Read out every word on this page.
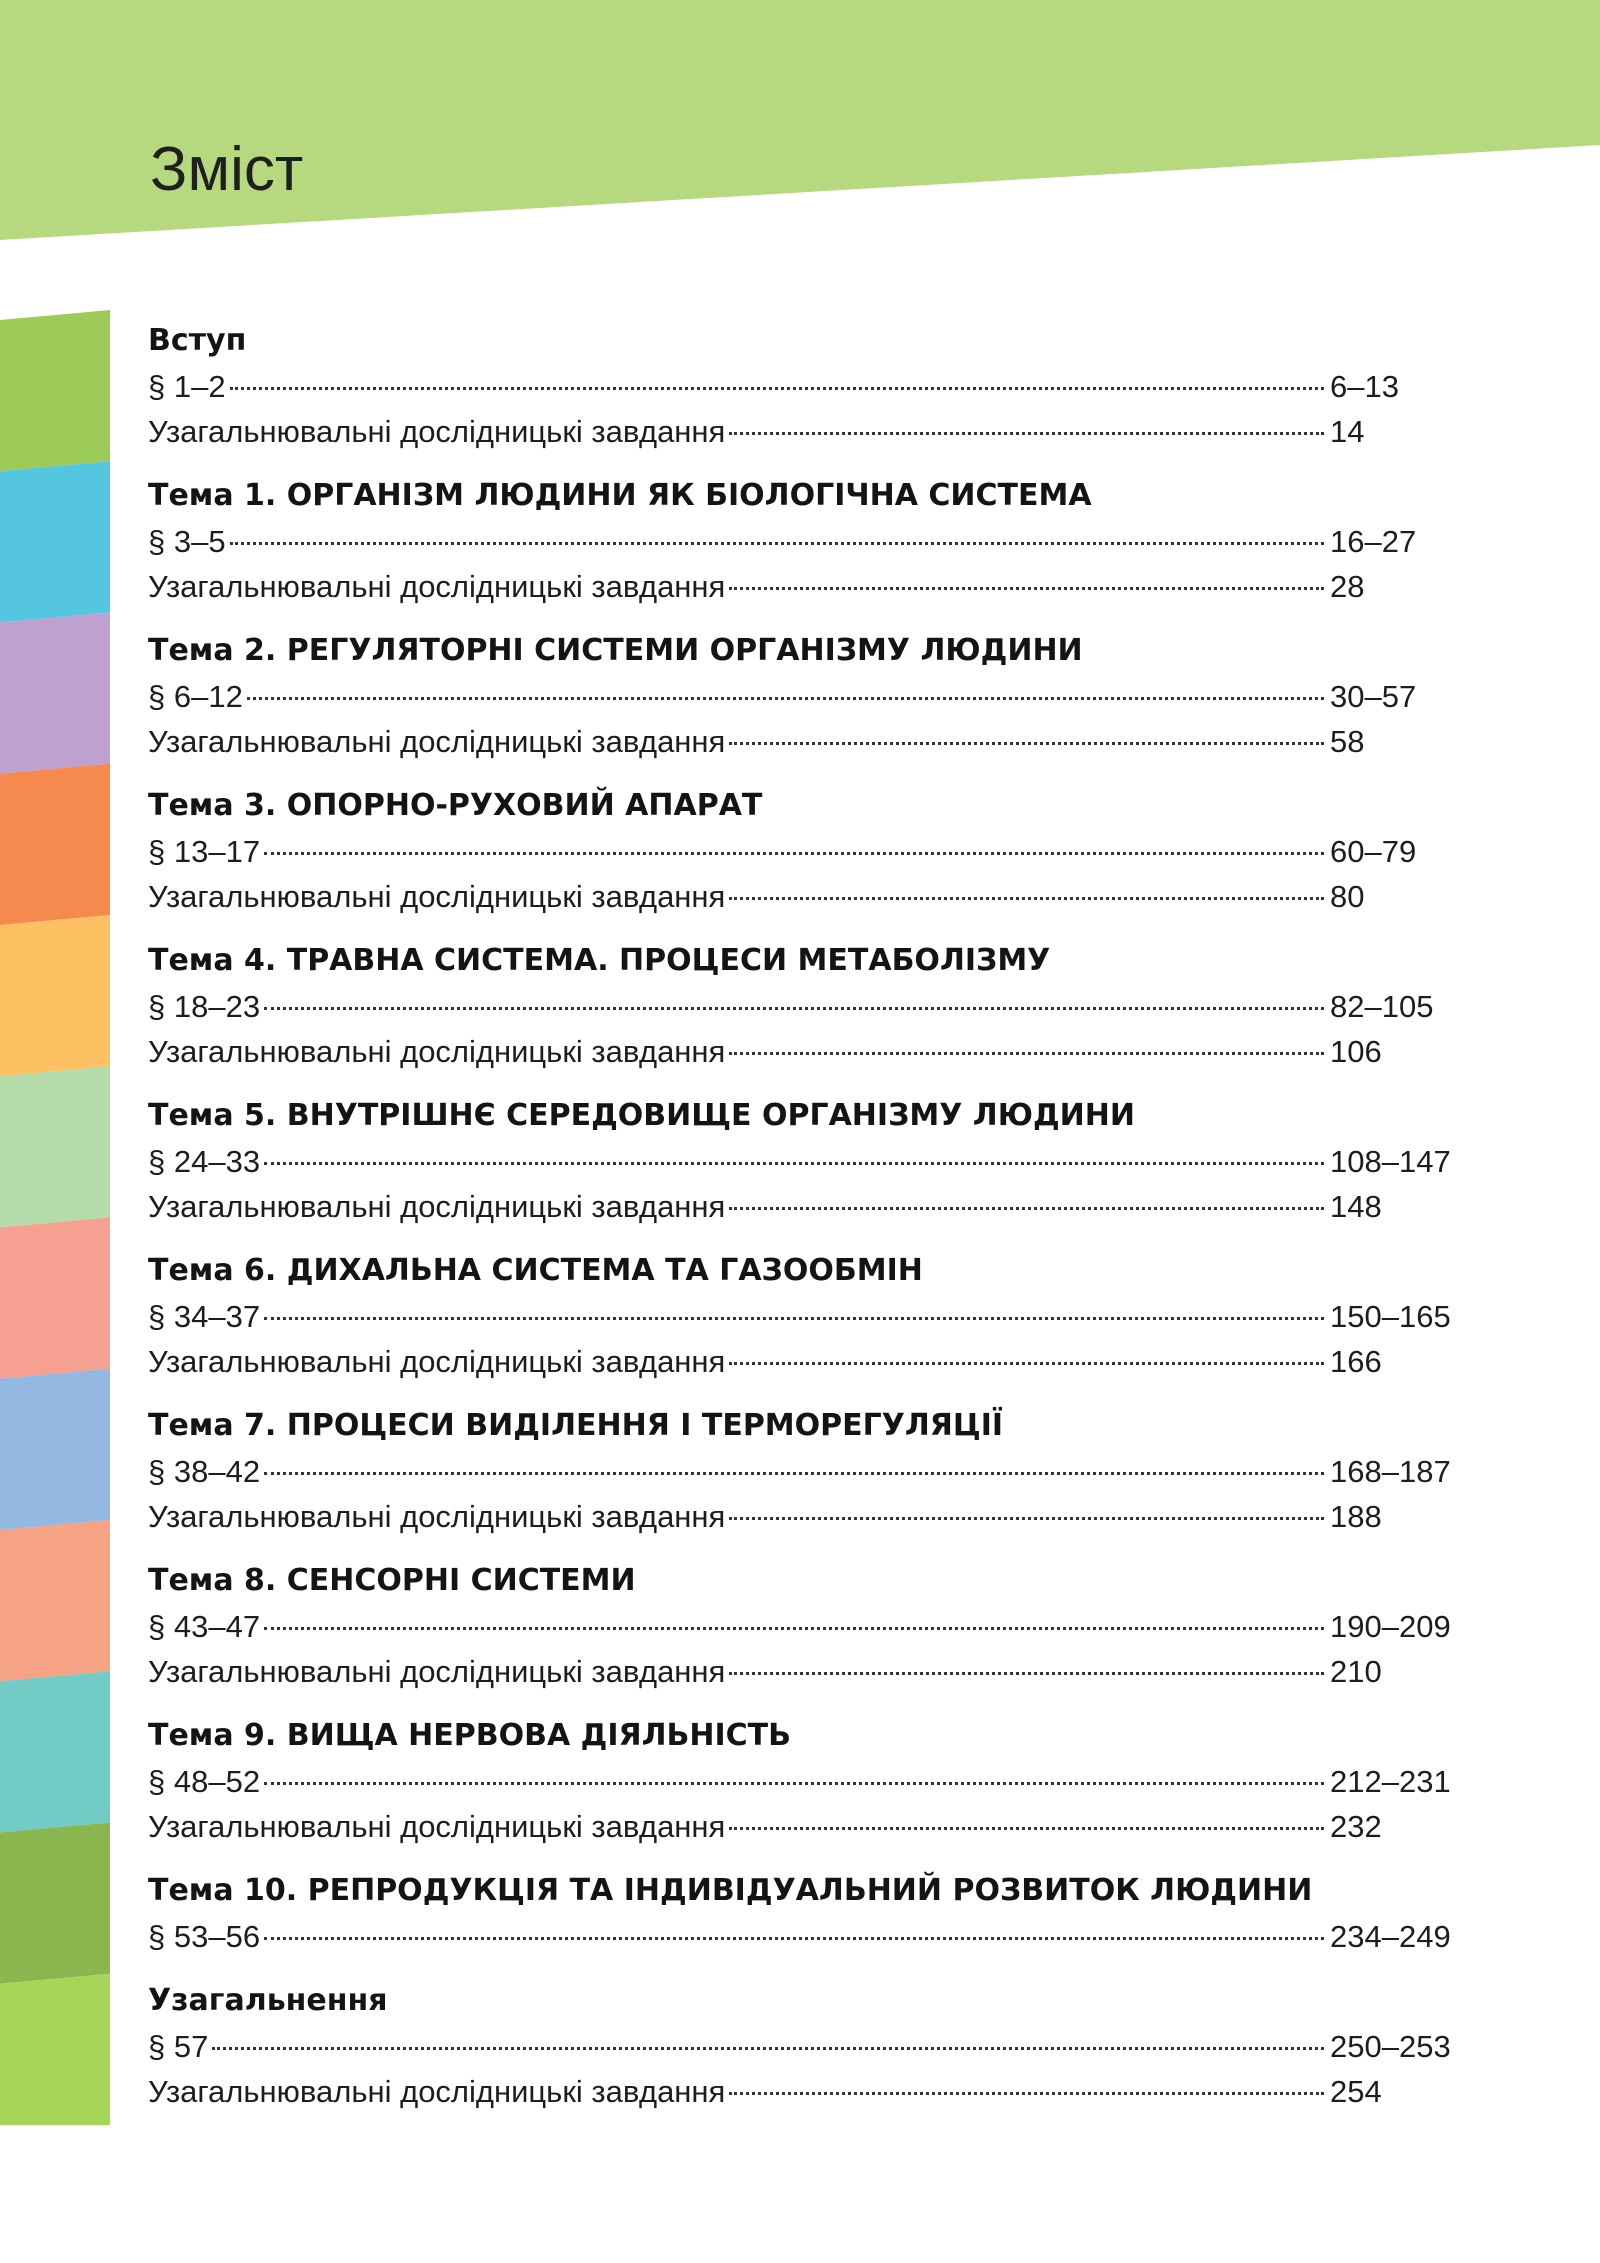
Зміст
Вступ
§ 1–2	6–13
Узагальнювальні дослідницькі завдання	14
Тема 1. ОРГАНІЗМ ЛЮДИНИ ЯК БІОЛОГІЧНА СИСТЕМА
§ 3–5	16–27
Узагальнювальні дослідницькі завдання	28
Тема 2. РЕГУЛЯТОРНІ СИСТЕМИ ОРГАНІЗМУ ЛЮДИНИ
§ 6–12	30–57
Узагальнювальні дослідницькі завдання	58
Тема 3. ОПОРНО-РУХОВИЙ АПАРАТ
§ 13–17	60–79
Узагальнювальні дослідницькі завдання	80
Тема 4. ТРАВНА СИСТЕМА. ПРОЦЕСИ МЕТАБОЛІЗМУ
§ 18–23	82–105
Узагальнювальні дослідницькі завдання	106
Тема 5. ВНУТРІШНЄ СЕРЕДОВИЩЕ ОРГАНІЗМУ ЛЮДИНИ
§ 24–33	108–147
Узагальнювальні дослідницькі завдання	148
Тема 6. ДИХАЛЬНА СИСТЕМА ТА ГАЗООБМІН
§ 34–37	150–165
Узагальнювальні дослідницькі завдання	166
Тема 7. ПРОЦЕСИ ВИДІЛЕННЯ І ТЕРМОРЕГУЛЯЦІЇ
§ 38–42	168–187
Узагальнювальні дослідницькі завдання	188
Тема 8. СЕНСОРНІ СИСТЕМИ
§ 43–47	190–209
Узагальнювальні дослідницькі завдання	210
Тема 9. ВИЩА НЕРВОВА ДІЯЛЬНІСТЬ
§ 48–52	212–231
Узагальнювальні дослідницькі завдання	232
Тема 10. РЕПРОДУКЦІЯ ТА ІНДИВІДУАЛЬНИЙ РОЗВИТОК ЛЮДИНИ
§ 53–56	234–249
Узагальнення
§ 57	250–253
Узагальнювальні дослідницькі завдання	254
